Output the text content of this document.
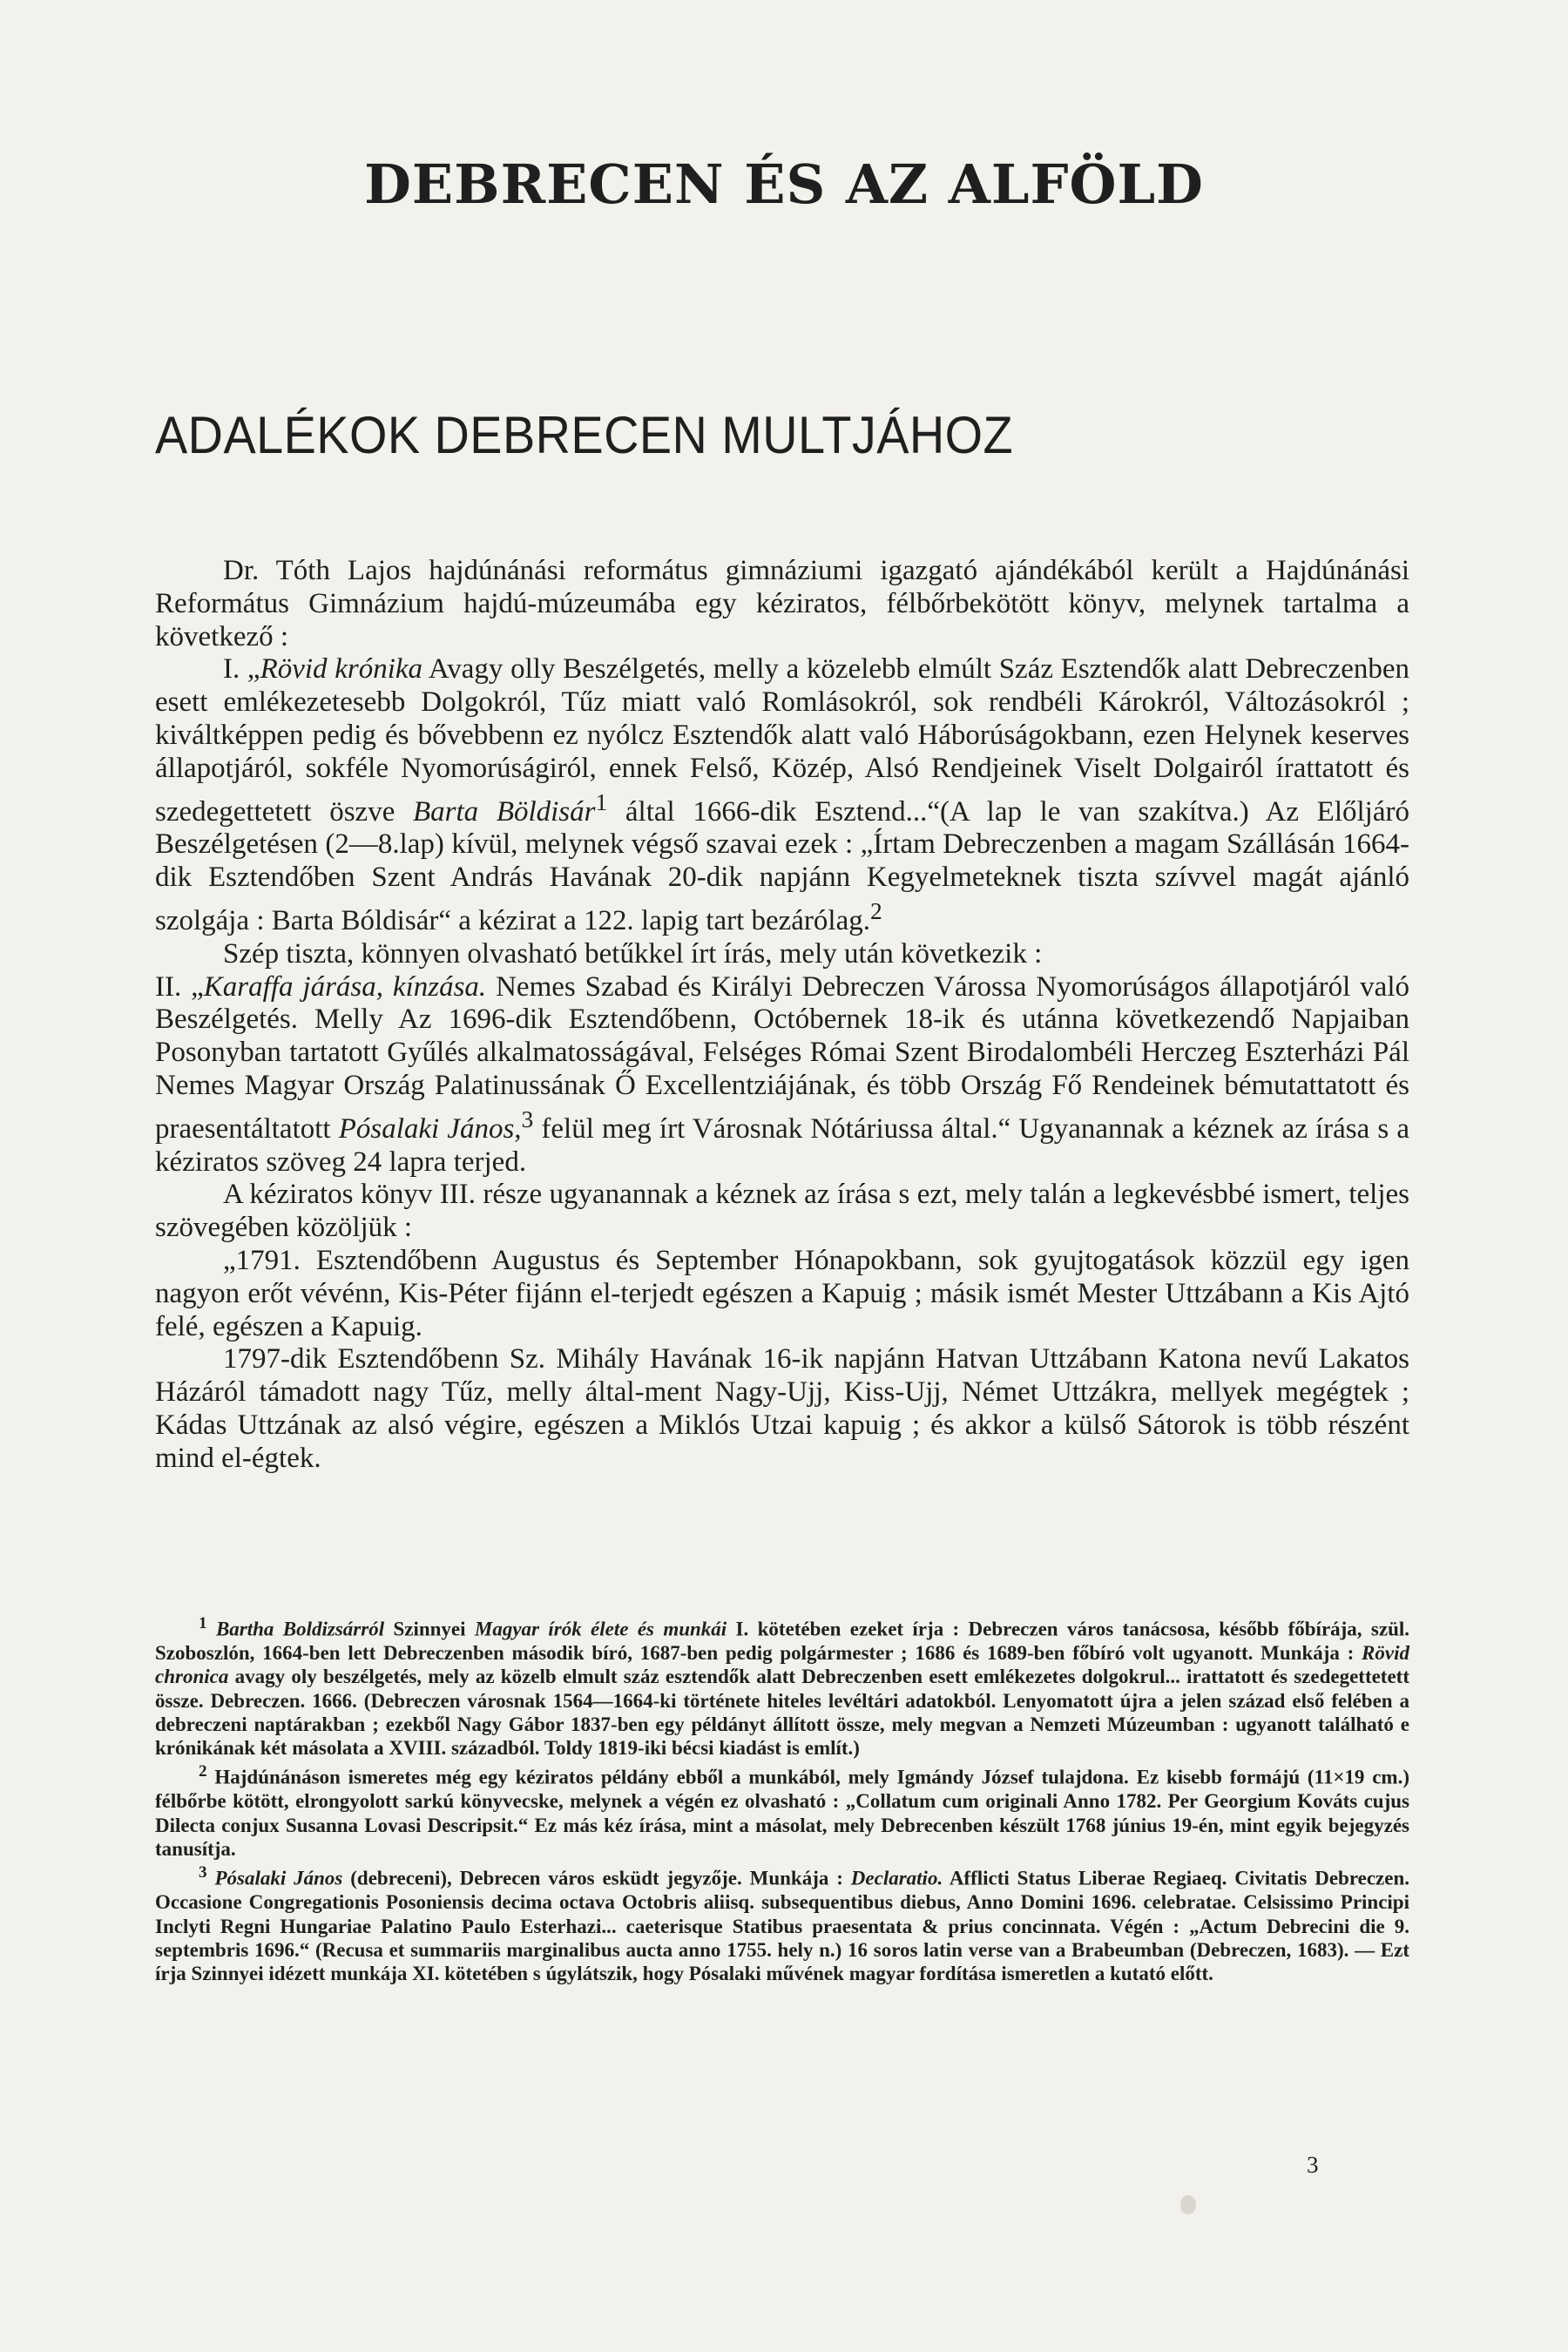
DEBRECEN ÉS AZ ALFÖLD
ADALÉKOK DEBRECEN MULTJÁHOZ

Dr. Tóth Lajos hajdúnánási református gimnáziumi igazgató ajándékából került a Hajdúnánási Református Gimnázium hajdú-múzeumába egy kéziratos, félbőrbekötött könyv, melynek tartalma a következő :

I. „Rövid krónika Avagy olly Beszélgetés, melly a közelebb elmúlt Száz Esztendők alatt Debreczenben esett emlékezetesebb Dolgokról, Tűz miatt való Romlásokról, sok rendbéli Károkról, Változásokról ; kiváltképpen pedig és bővebbenn ez nyólcz Esztendők alatt való Háborúságokbann, ezen Helynek keserves állapotjáról, sokféle Nyomorúságiról, ennek Felső, Közép, Alsó Rendjeinek Viselt Dolgairól írattatott és szedegettetett öszve Barta Böldisár$^1$ által 1666-dik Esztend...“(A lap le van szakítva.) Az Előljáró Beszélgetésen (2—8.lap) kívül, melynek végső szavai ezek : „Írtam Debreczenben a magam Szállásán 1664-dik Esztendőben Szent András Havának 20-dik napjánn Kegyelmeteknek tiszta szívvel magát ajánló szolgája : Barta Bóldisár“ a kézirat a 122. lapig tart bezárólag.$^2$

Szép tiszta, könnyen olvasható betűkkel írt írás, mely után következik :

II. „Karaffa járása, kínzása. Nemes Szabad és Királyi Debreczen Várossa Nyomorúságos állapotjáról való Beszélgetés. Melly Az 1696-dik Esztendőbenn, Octóbernek 18-ik és utánna következendő Napjaiban Posonyban tartatott Gyűlés alkalmatosságával, Felséges Római Szent Birodalombéli Herczeg Eszterházi Pál Nemes Magyar Ország Palatinussának Ő Excellentziájának, és több Ország Fő Rendeinek bémutattatott és praesentáltatott Pósalaki János,$^3$ felül meg írt Városnak Nótáriussa által.“ Ugyanannak a kéznek az írása s a kéziratos szöveg 24 lapra terjed.

A kéziratos könyv III. része ugyanannak a kéznek az írása s ezt, mely talán a legkevésbbé ismert, teljes szövegében közöljük :

„1791. Esztendőbenn Augustus és September Hónapokbann, sok gyujtogatások közzül egy igen nagyon erőt vévénn, Kis-Péter fijánn el-terjedt egészen a Kapuig ; másik ismét Mester Uttzábann a Kis Ajtó felé, egészen a Kapuig.

1797-dik Esztendőbenn Sz. Mihály Havának 16-ik napjánn Hatvan Uttzábann Katona nevű Lakatos Házáról támadott nagy Tűz, melly által-ment Nagy-Ujj, Kiss-Ujj, Német Uttzákra, mellyek megégtek ; Kádas Uttzának az alsó végire, egészen a Miklós Utzai kapuig ; és akkor a külső Sátorok is több részént mind el-égtek.

$^1$ Bartha Boldizsárról Szinnyei Magyar írók élete és munkái I. kötetében ezeket írja : Debreczen város tanácsosa, később főbírája, szül. Szoboszlón, 1664-ben lett Debreczenben második bíró, 1687-ben pedig polgármester ; 1686 és 1689-ben főbíró volt ugyanott. Munkája : Rövid chronica avagy oly beszélgetés, mely az közelb elmult száz esztendők alatt Debreczenben esett emlékezetes dolgokrul... irattatott és szedegettetett össze. Debreczen. 1666. (Debreczen városnak 1564—1664-ki története hiteles levéltári adatokból. Lenyomatott újra a jelen század első felében a debreczeni naptárakban ; ezekből Nagy Gábor 1837-ben egy példányt állított össze, mely megvan a Nemzeti Múzeumban : ugyanott található e krónikának két másolata a XVIII. századból. Toldy 1819-iki bécsi kiadást is említ.)

$^2$ Hajdúnánáson ismeretes még egy kéziratos példány ebből a munkából, mely Igmándy József tulajdona. Ez kisebb formájú (11×19 cm.) félbőrbe kötött, elrongyolott sarkú könyvecske, melynek a végén ez olvasható : „Collatum cum originali Anno 1782. Per Georgium Kováts cujus Dilecta conjux Susanna Lovasi Descripsit.“ Ez más kéz írása, mint a másolat, mely Debrecenben készült 1768 június 19-én, mint egyik bejegyzés tanusítja.

$^3$ Pósalaki János (debreceni), Debrecen város esküdt jegyzője. Munkája : Declaratio. Afflicti Status Liberae Regiaeq. Civitatis Debreczen. Occasione Congregationis Posoniensis decima octava Octobris aliisq. subsequentibus diebus, Anno Domini 1696. celebratae. Celsissimo Principi Inclyti Regni Hungariae Palatino Paulo Esterhazi... caeterisque Statibus praesentata & prius concinnata. Végén : „Actum Debrecini die 9. septembris 1696.“ (Recusa et summariis marginalibus aucta anno 1755. hely n.) 16 soros latin verse van a Brabeumban (Debreczen, 1683). — Ezt írja Szinnyei idézett munkája XI. kötetében s úgylátszik, hogy Pósalaki művének magyar fordítása ismeretlen a kutató előtt.

3
